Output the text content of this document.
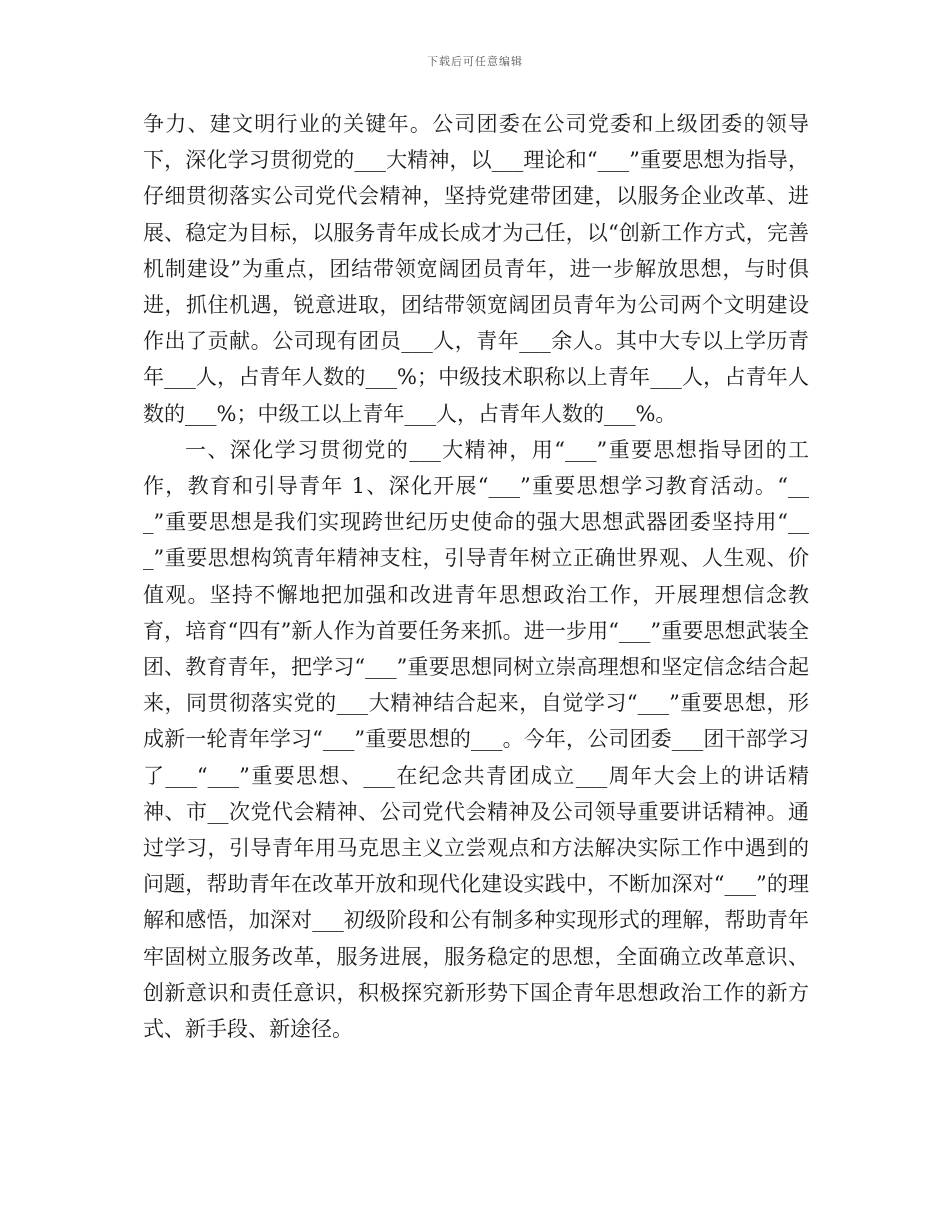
下载后可任意编辑

争力、建文明行业的关键年。公司团委在公司党委和上级团委的领导下，深化学习贯彻党的___大精神，以___理论和“___”重要思想为指导，仔细贯彻落实公司党代会精神，坚持党建带团建，以服务企业改革、进展、稳定为目标，以服务青年成长成才为己任，以“创新工作方式，完善机制建设”为重点，团结带领宽阔团员青年，进一步解放思想，与时俱进，抓住机遇，锐意进取，团结带领宽阔团员青年为公司两个文明建设作出了贡献。公司现有团员___人，青年___余人。其中大专以上学历青年___人，占青年人数的___%；中级技术职称以上青年___人，占青年人数的___%；中级工以上青年___人，占青年人数的___%。

一、深化学习贯彻党的___大精神，用“___”重要思想指导团的工作，教育和引导青年 1、深化开展“___”重要思想学习教育活动。“___”重要思想是我们实现跨世纪历史使命的强大思想武器团委坚持用“___”重要思想构筑青年精神支柱，引导青年树立正确世界观、人生观、价值观。坚持不懈地把加强和改进青年思想政治工作，开展理想信念教育，培育“四有”新人作为首要任务来抓。进一步用“___”重要思想武装全团、教育青年，把学习“___”重要思想同树立崇高理想和坚定信念结合起来，同贯彻落实党的___大精神结合起来，自觉学习“___”重要思想，形成新一轮青年学习“___”重要思想的___。今年，公司团委___团干部学习了___“___”重要思想、___在纪念共青团成立___周年大会上的讲话精神、市__次党代会精神、公司党代会精神及公司领导重要讲话精神。通过学习，引导青年用马克思主义立尝观点和方法解决实际工作中遇到的问题，帮助青年在改革开放和现代化建设实践中，不断加深对“___”的理解和感悟，加深对___初级阶段和公有制多种实现形式的理解，帮助青年牢固树立服务改革，服务进展，服务稳定的思想，全面确立改革意识、创新意识和责任意识，积极探究新形势下国企青年思想政治工作的新方式、新手段、新途径。
